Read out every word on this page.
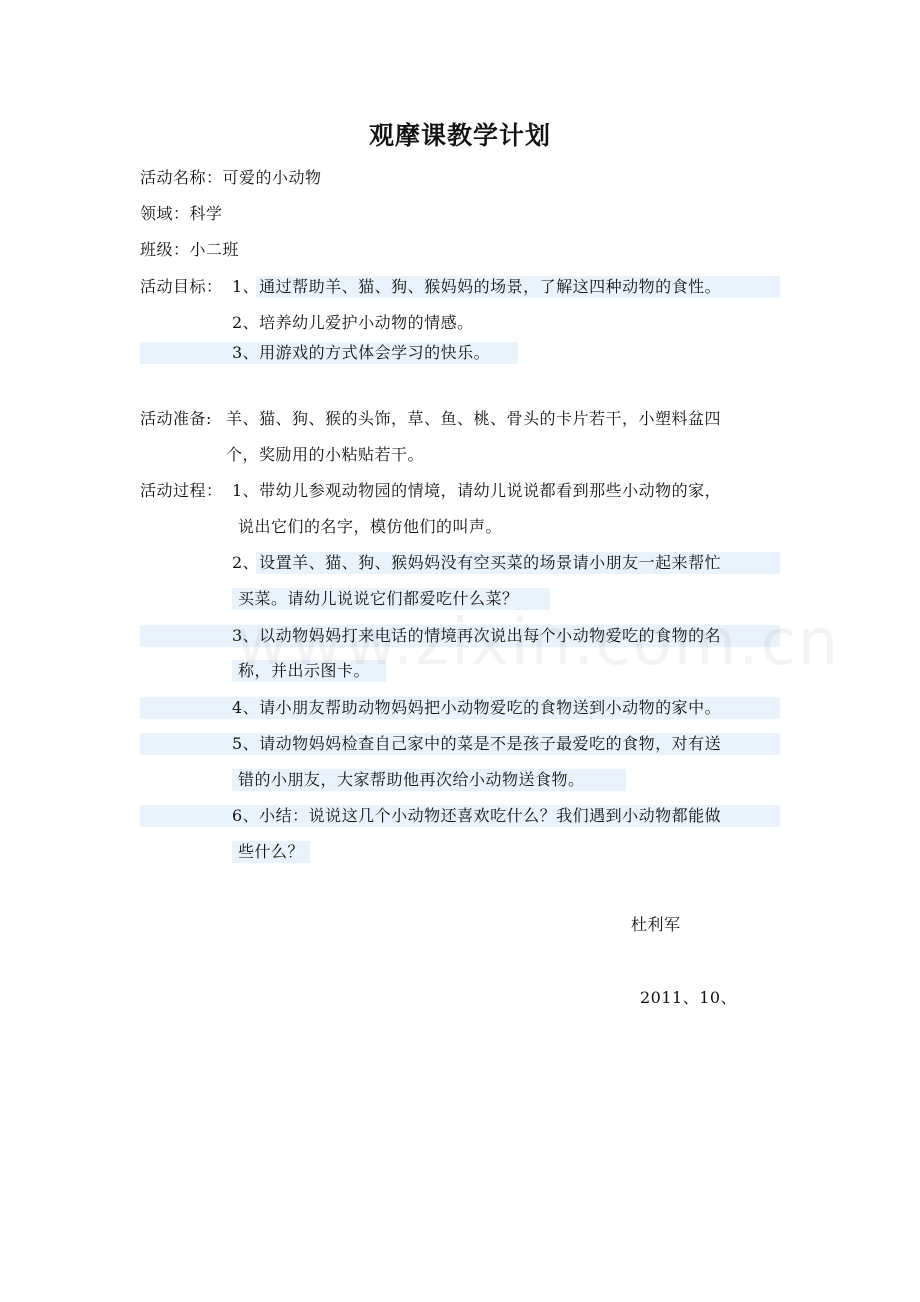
观摩课教学计划
活动名称：可爱的小动物
领域：科学
班级：小二班
活动目标： 1、通过帮助羊、猫、狗、猴妈妈的场景，了解这四种动物的食性。
2、培养幼儿爱护小动物的情感。
3、用游戏的方式体会学习的快乐。
活动准备: 羊、猫、狗、猴的头饰，草、鱼、桃、骨头的卡片若干，小塑料盆四
个，奖励用的小粘贴若干。
活动过程： 1、带幼儿参观动物园的情境，请幼儿说说都看到那些小动物的家，
说出它们的名字，模仿他们的叫声。
2、设置羊、猫、狗、猴妈妈没有空买菜的场景请小朋友一起来帮忙
买菜。请幼儿说说它们都爱吃什么菜？
3、以动物妈妈打来电话的情境再次说出每个小动物爱吃的食物的名
称，并出示图卡。
4、请小朋友帮助动物妈妈把小动物爱吃的食物送到小动物的家中。
5、请动物妈妈检查自己家中的菜是不是孩子最爱吃的食物，对有送
错的小朋友，大家帮助他再次给小动物送食物。
6、小结：说说这几个小动物还喜欢吃什么？我们遇到小动物都能做
些什么？
杜利军
2011、10、
